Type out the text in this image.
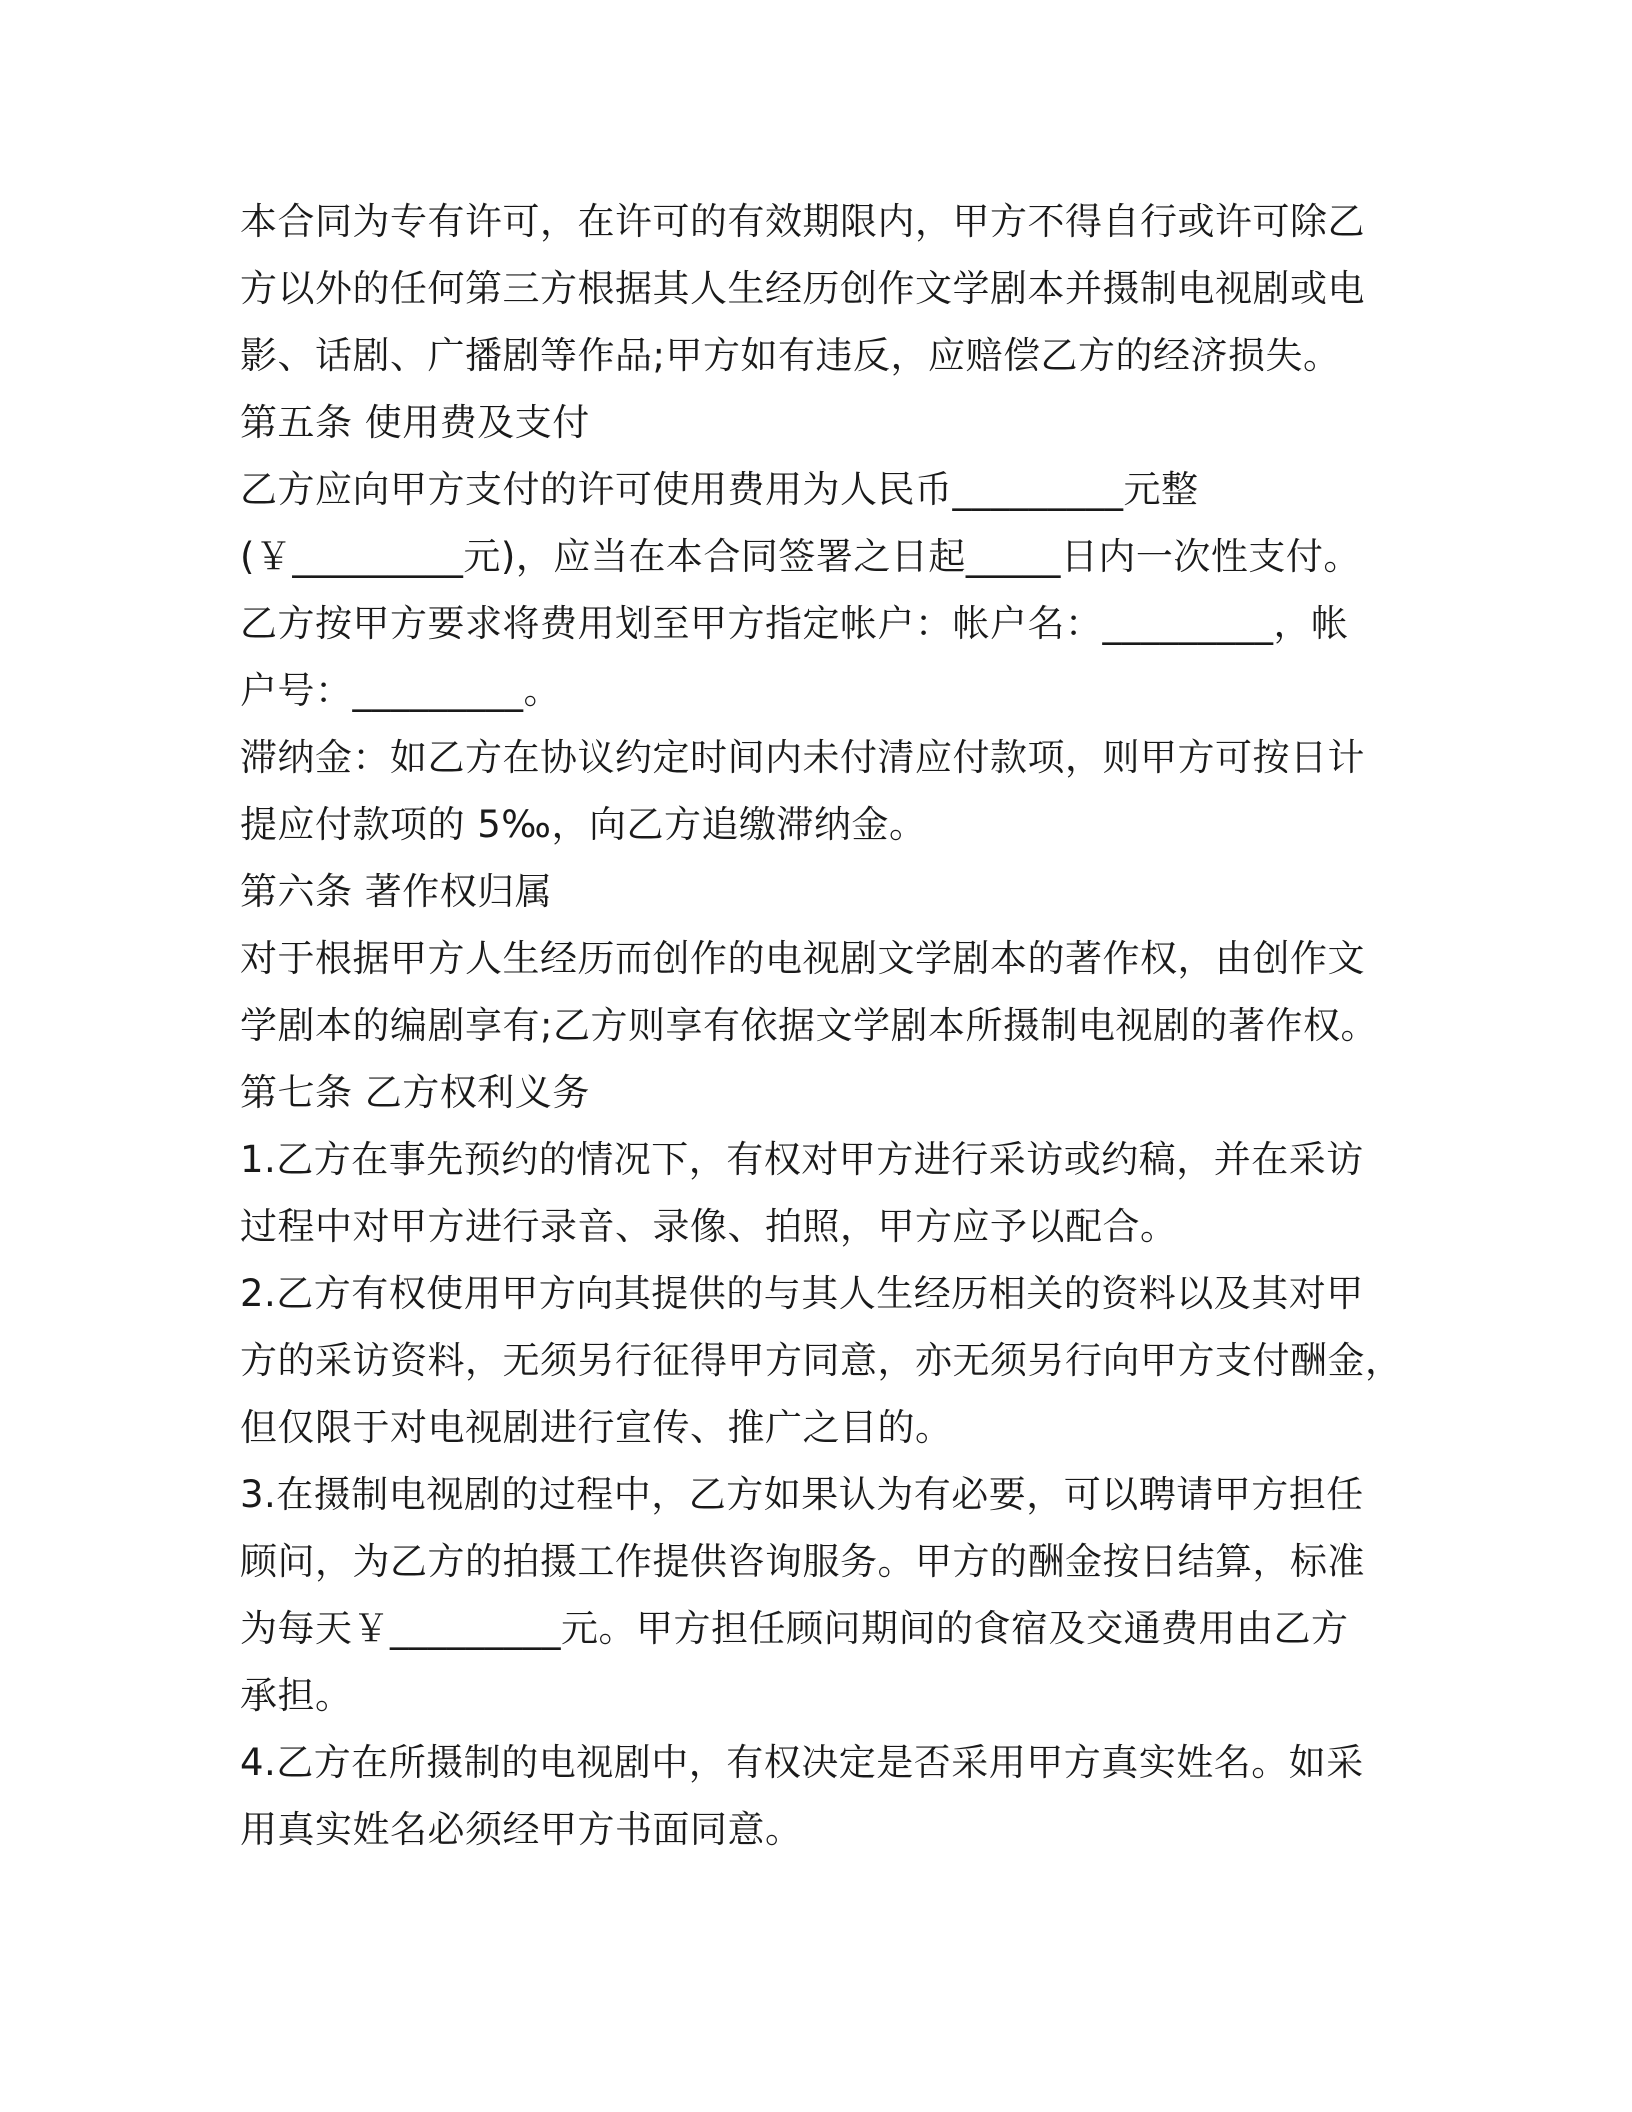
本合同为专有许可，在许可的有效期限内，甲方不得自行或许可除乙
方以外的任何第三方根据其人生经历创作文学剧本并摄制电视剧或电
影、话剧、广播剧等作品;甲方如有违反，应赔偿乙方的经济损失。
第五条 使用费及支付
乙方应向甲方支付的许可使用费用为人民币_________元整
(￥_________元)，应当在本合同签署之日起_____日内一次性支付。
乙方按甲方要求将费用划至甲方指定帐户：帐户名：_________，帐
户号：_________。
滞纳金：如乙方在协议约定时间内未付清应付款项，则甲方可按日计
提应付款项的 5‰，向乙方追缴滞纳金。
第六条 著作权归属
对于根据甲方人生经历而创作的电视剧文学剧本的著作权，由创作文
学剧本的编剧享有;乙方则享有依据文学剧本所摄制电视剧的著作权。
第七条 乙方权利义务
1.乙方在事先预约的情况下，有权对甲方进行采访或约稿，并在采访
过程中对甲方进行录音、录像、拍照，甲方应予以配合。
2.乙方有权使用甲方向其提供的与其人生经历相关的资料以及其对甲
方的采访资料，无须另行征得甲方同意，亦无须另行向甲方支付酬金，
但仅限于对电视剧进行宣传、推广之目的。
3.在摄制电视剧的过程中，乙方如果认为有必要，可以聘请甲方担任
顾问，为乙方的拍摄工作提供咨询服务。甲方的酬金按日结算，标准
为每天￥_________元。甲方担任顾问期间的食宿及交通费用由乙方
承担。
4.乙方在所摄制的电视剧中，有权决定是否采用甲方真实姓名。如采
用真实姓名必须经甲方书面同意。
